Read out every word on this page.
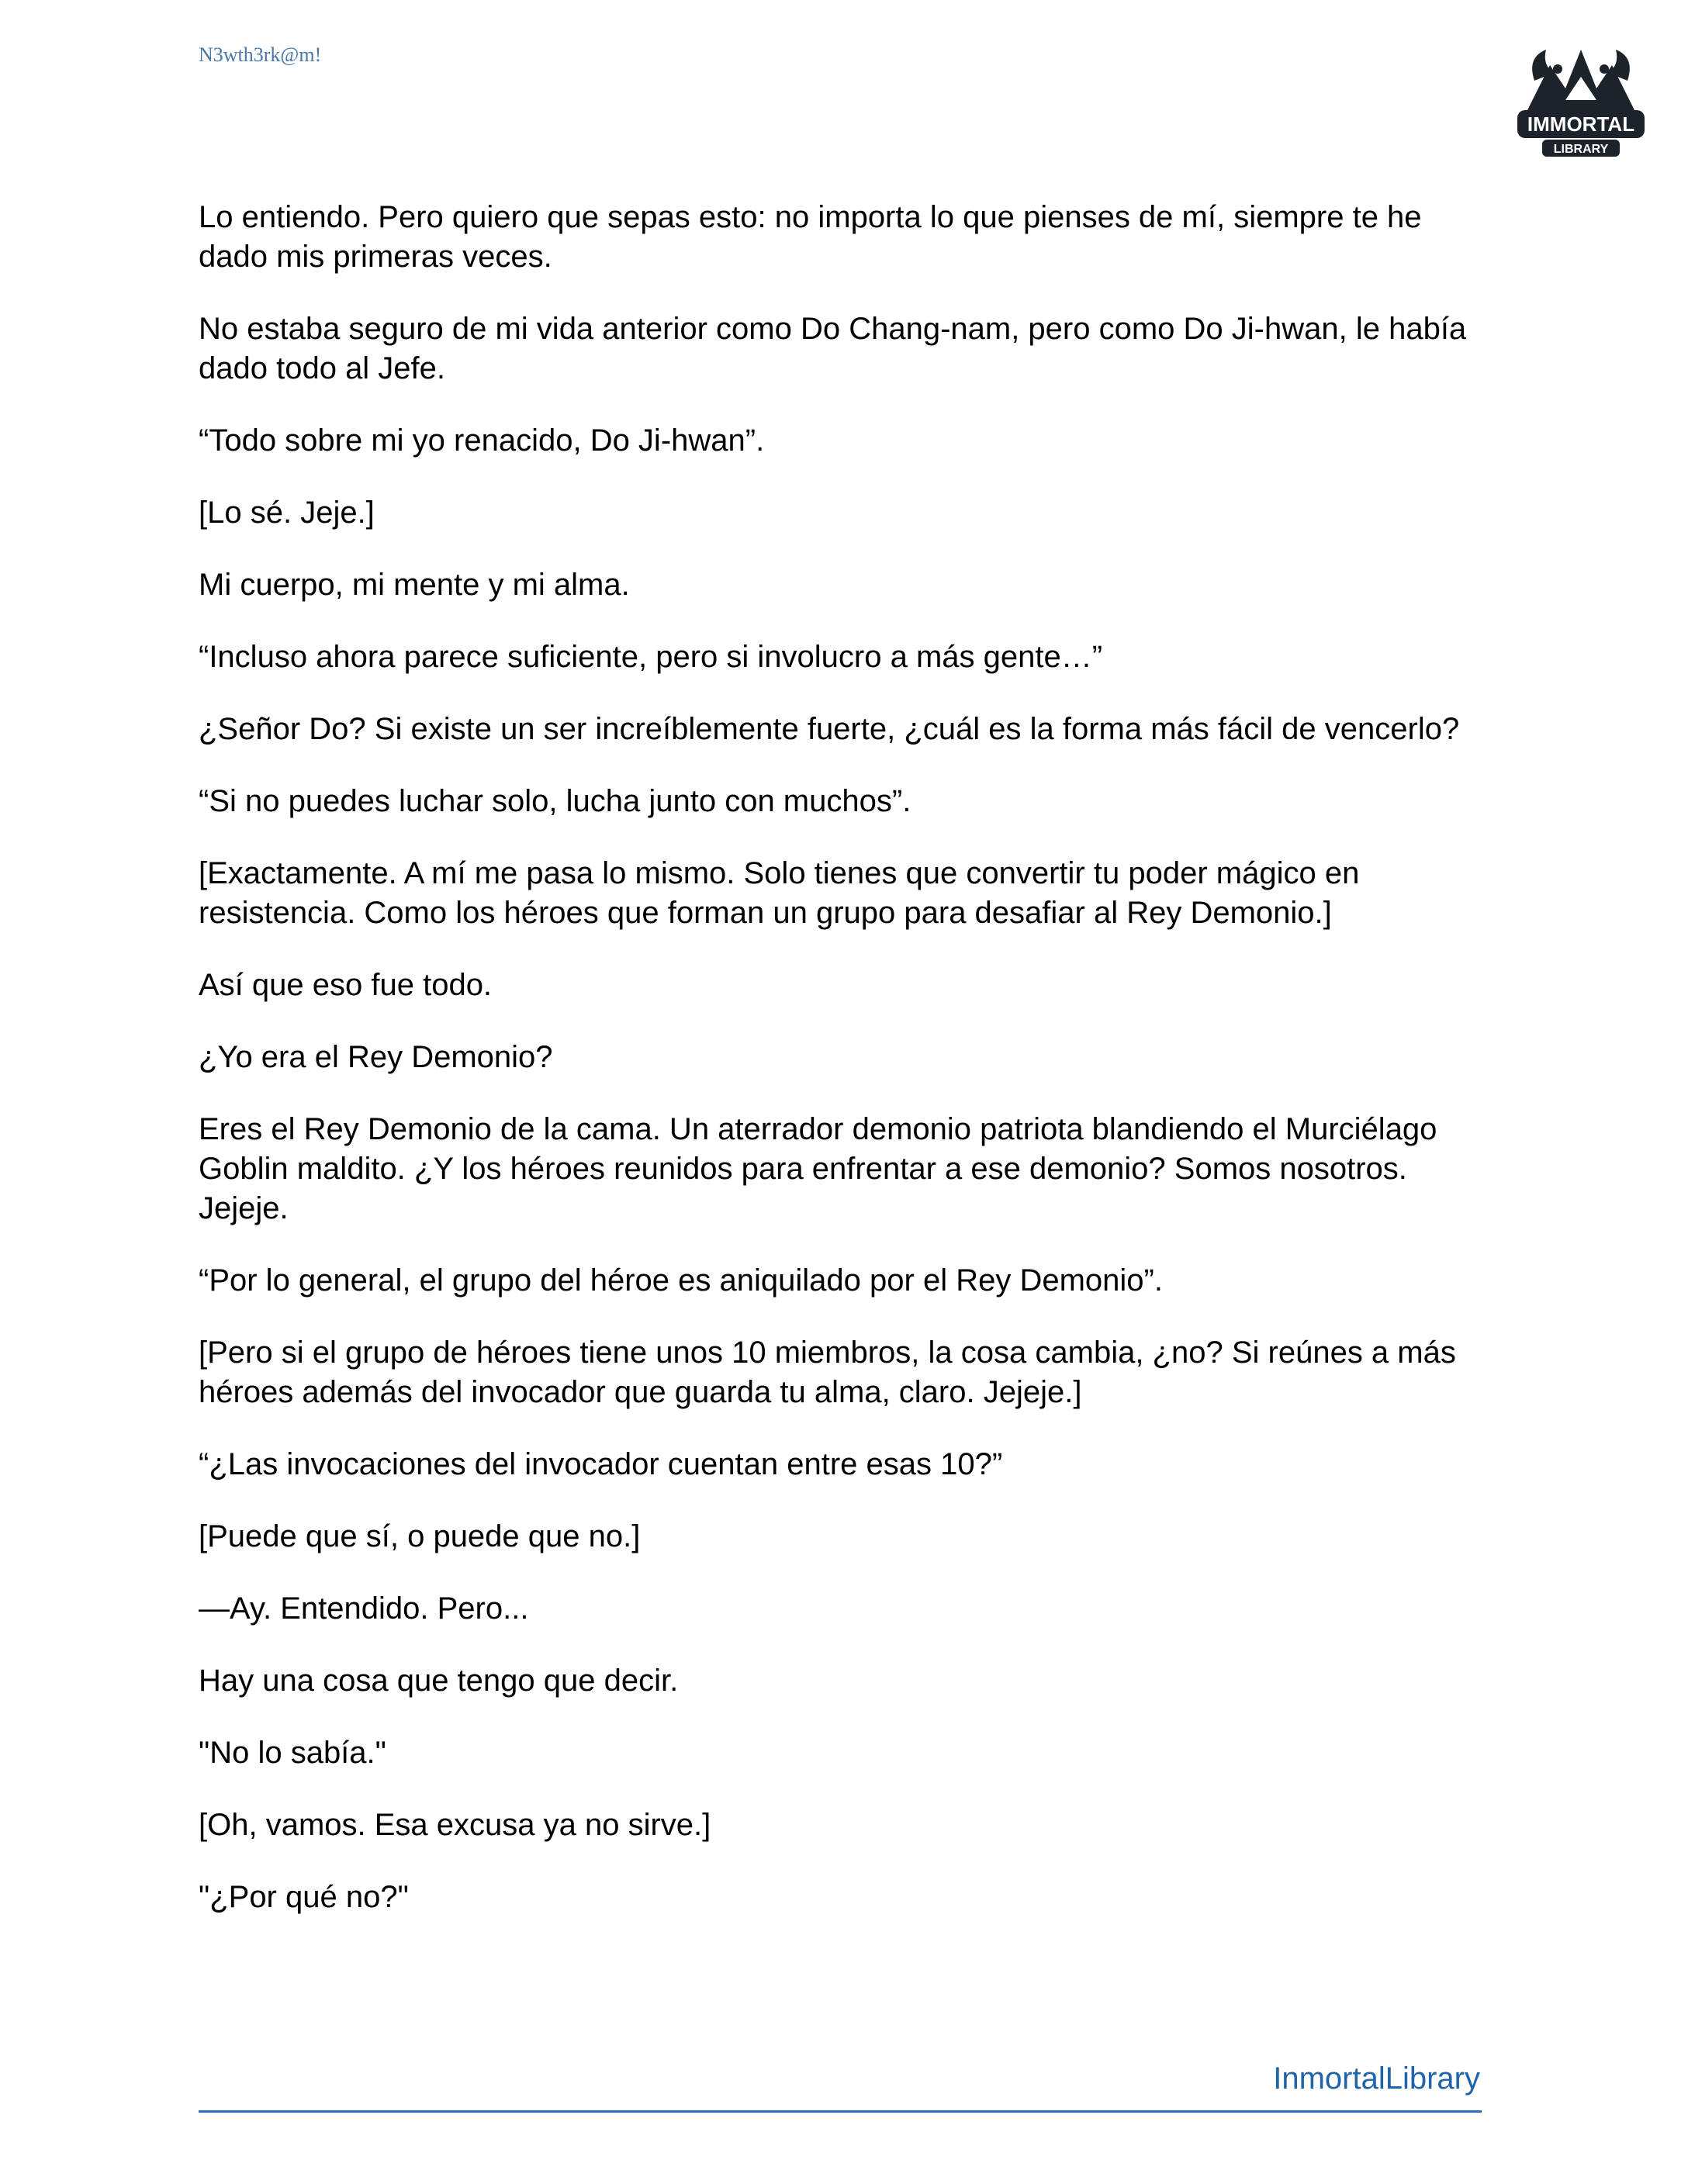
N3wth3rk@m!
IMMORTAL
LIBRARY

Lo entiendo. Pero quiero que sepas esto: no importa lo que pienses de mí, siempre te he dado mis primeras veces.

No estaba seguro de mi vida anterior como Do Chang-nam, pero como Do Ji-hwan, le había dado todo al Jefe.

“Todo sobre mi yo renacido, Do Ji-hwan”.

[Lo sé. Jeje.]

Mi cuerpo, mi mente y mi alma.

“Incluso ahora parece suficiente, pero si involucro a más gente…”

¿Señor Do? Si existe un ser increíblemente fuerte, ¿cuál es la forma más fácil de vencerlo?

“Si no puedes luchar solo, lucha junto con muchos”.

[Exactamente. A mí me pasa lo mismo. Solo tienes que convertir tu poder mágico en resistencia. Como los héroes que forman un grupo para desafiar al Rey Demonio.]

Así que eso fue todo.

¿Yo era el Rey Demonio?

Eres el Rey Demonio de la cama. Un aterrador demonio patriota blandiendo el Murciélago Goblin maldito. ¿Y los héroes reunidos para enfrentar a ese demonio? Somos nosotros. Jejeje.

“Por lo general, el grupo del héroe es aniquilado por el Rey Demonio”.

[Pero si el grupo de héroes tiene unos 10 miembros, la cosa cambia, ¿no? Si reúnes a más héroes además del invocador que guarda tu alma, claro. Jejeje.]

“¿Las invocaciones del invocador cuentan entre esas 10?”

[Puede que sí, o puede que no.]

—Ay. Entendido. Pero...

Hay una cosa que tengo que decir.

"No lo sabía."

[Oh, vamos. Esa excusa ya no sirve.]

"¿Por qué no?"

InmortalLibrary
